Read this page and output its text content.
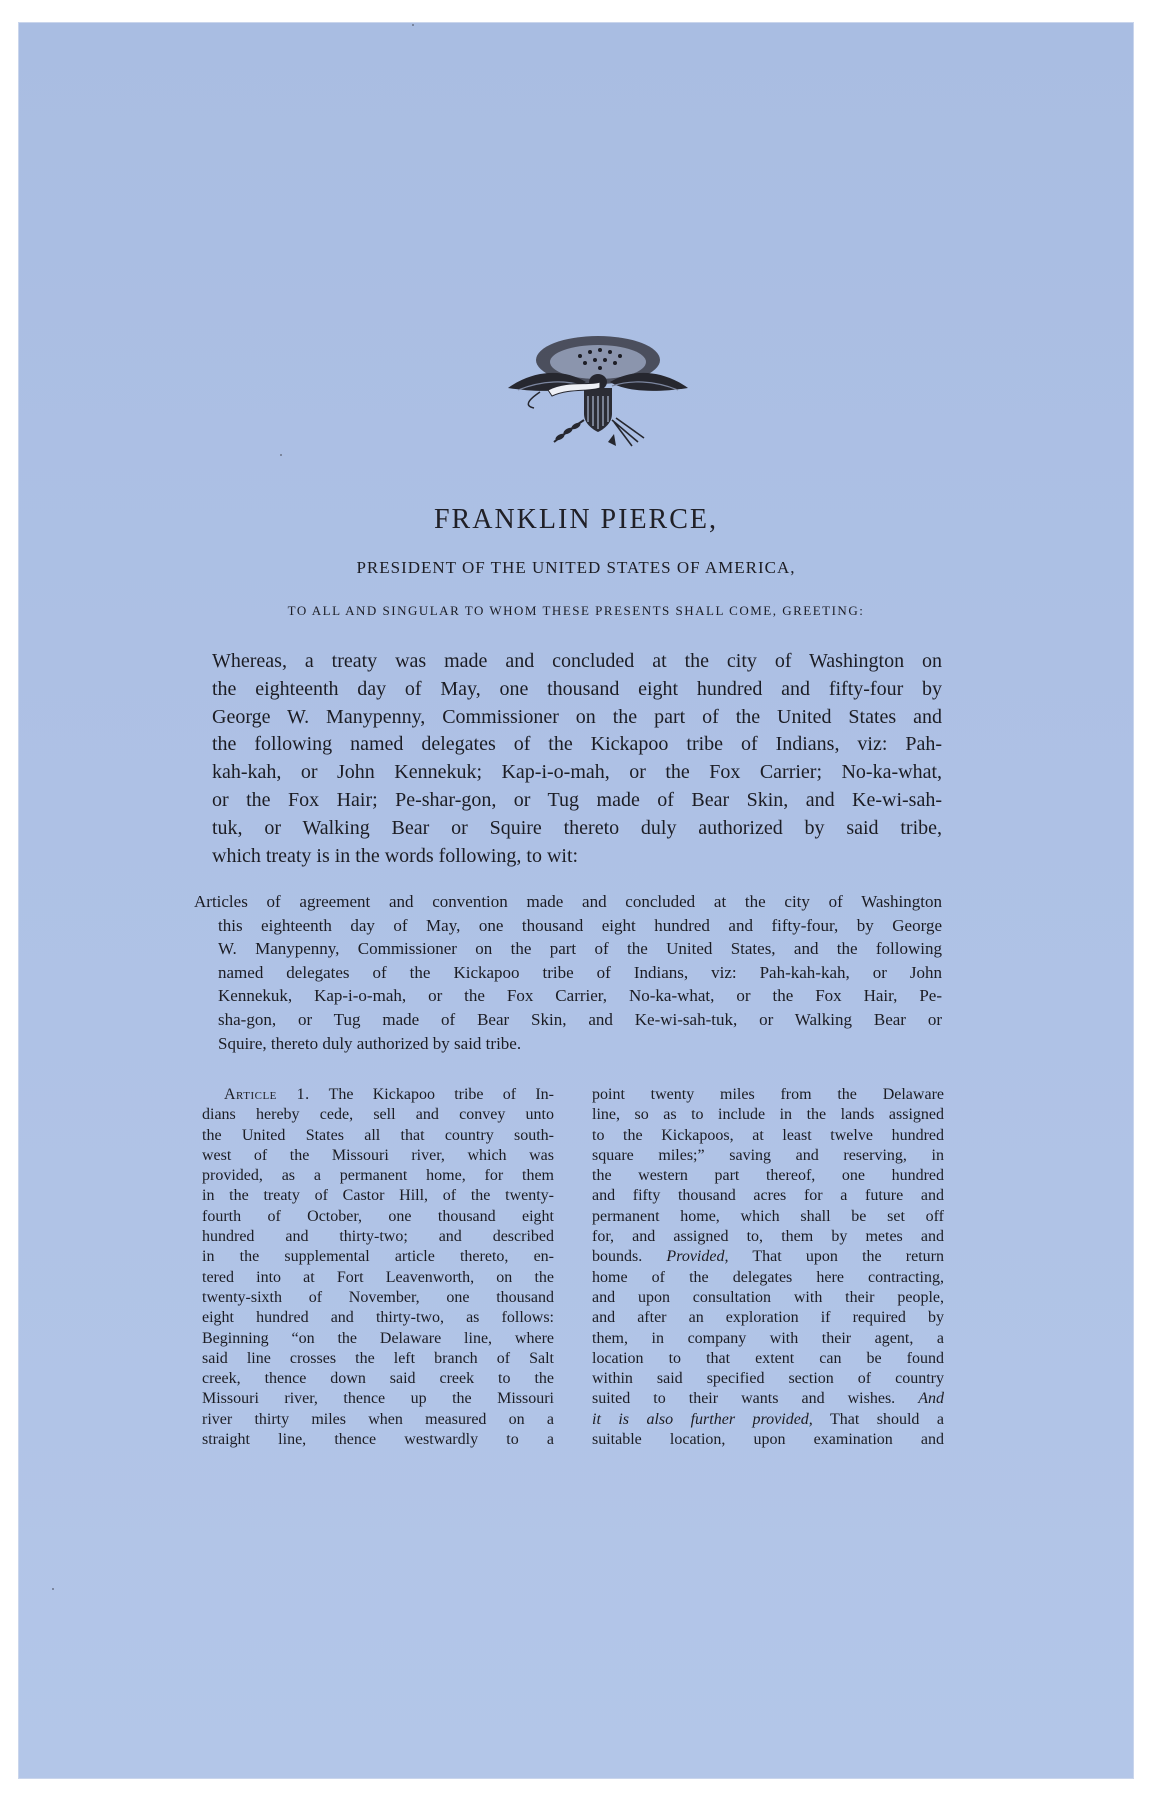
FRANKLIN PIERCE,
PRESIDENT OF THE UNITED STATES OF AMERICA,
TO ALL AND SINGULAR TO WHOM THESE PRESENTS SHALL COME, GREETING:
Whereas, a treaty was made and concluded at the city of Washington on
the eighteenth day of May, one thousand eight hundred and fifty-four by
George W. Manypenny, Commissioner on the part of the United States and
the following named delegates of the Kickapoo tribe of Indians, viz: Pah-
kah-kah, or John Kennekuk; Kap-i-o-mah, or the Fox Carrier; No-ka-what,
or the Fox Hair; Pe-shar-gon, or Tug made of Bear Skin, and Ke-wi-sah-
tuk, or Walking Bear or Squire thereto duly authorized by said tribe,
which treaty is in the words following, to wit:
Articles of agreement and convention made and concluded at the city of Washington
this eighteenth day of May, one thousand eight hundred and fifty-four, by George
W. Manypenny, Commissioner on the part of the United States, and the following
named delegates of the Kickapoo tribe of Indians, viz: Pah-kah-kah, or John
Kennekuk, Kap-i-o-mah, or the Fox Carrier, No-ka-what, or the Fox Hair, Pe-
sha-gon, or Tug made of Bear Skin, and Ke-wi-sah-tuk, or Walking Bear or
Squire, thereto duly authorized by said tribe.
Article 1. The Kickapoo tribe of In-
dians hereby cede, sell and convey unto
the United States all that country south-
west of the Missouri river, which was
provided, as a permanent home, for them
in the treaty of Castor Hill, of the twenty-
fourth of October, one thousand eight
hundred and thirty-two; and described
in the supplemental article thereto, en-
tered into at Fort Leavenworth, on the
twenty-sixth of November, one thousand
eight hundred and thirty-two, as follows:
Beginning “on the Delaware line, where
said line crosses the left branch of Salt
creek, thence down said creek to the
Missouri river, thence up the Missouri
river thirty miles when measured on a
straight line, thence westwardly to a
point twenty miles from the Delaware
line, so as to include in the lands assigned
to the Kickapoos, at least twelve hundred
square miles;” saving and reserving, in
the western part thereof, one hundred
and fifty thousand acres for a future and
permanent home, which shall be set off
for, and assigned to, them by metes and
bounds. Provided, That upon the return
home of the delegates here contracting,
and upon consultation with their people,
and after an exploration if required by
them, in company with their agent, a
location to that extent can be found
within said specified section of country
suited to their wants and wishes. And
it is also further provided, That should a
suitable location, upon examination and
